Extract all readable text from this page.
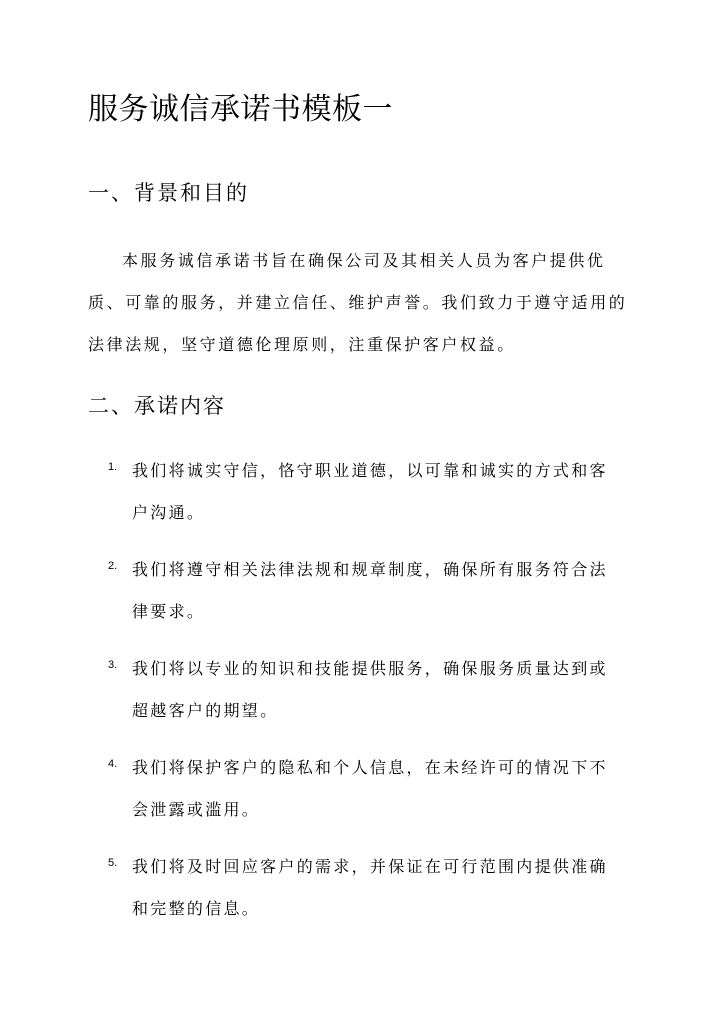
服务诚信承诺书模板一
一、背景和目的

本服务诚信承诺书旨在确保公司及其相关人员为客户提供优质、可靠的服务，并建立信任、维护声誉。我们致力于遵守适用的法律法规，坚守道德伦理原则，注重保护客户权益。

二、承诺内容
1. 我们将诚实守信，恪守职业道德，以可靠和诚实的方式和客户沟通。

2. 我们将遵守相关法律法规和规章制度，确保所有服务符合法律要求。

3. 我们将以专业的知识和技能提供服务，确保服务质量达到或超越客户的期望。

4. 我们将保护客户的隐私和个人信息，在未经许可的情况下不会泄露或滥用。

5. 我们将及时回应客户的需求，并保证在可行范围内提供准确和完整的信息。
